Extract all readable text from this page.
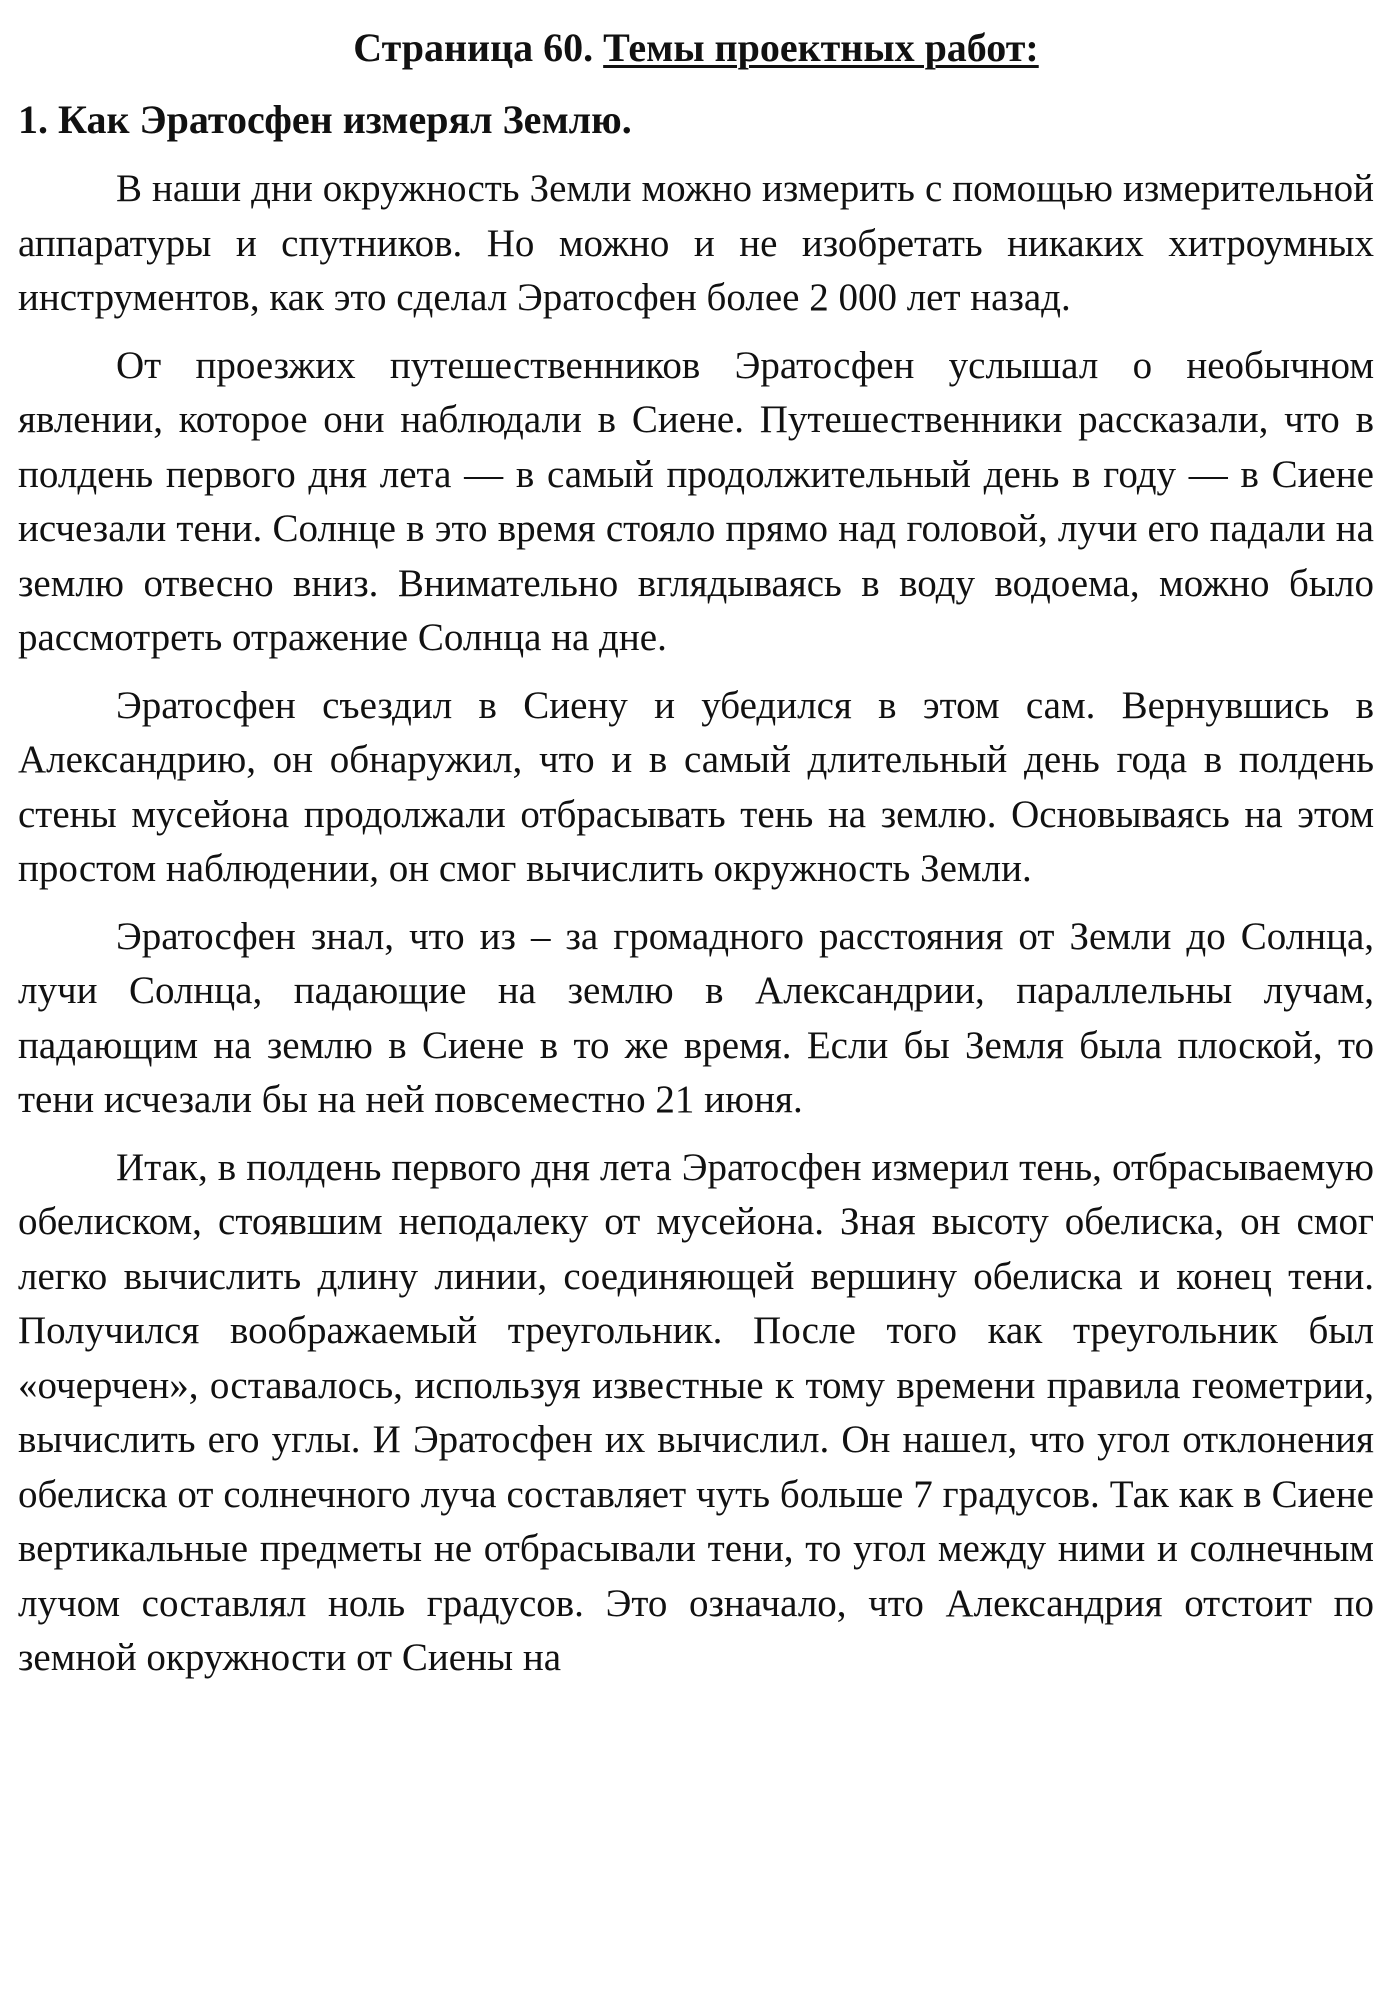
Страница 60. Темы проектных работ:
1. Как Эратосфен измерял Землю.

В наши дни окружность Земли можно измерить с помощью измерительной аппаратуры и спутников. Но можно и не изобретать никаких хитроумных инструментов, как это сделал Эратосфен более 2 000 лет назад.

От проезжих путешественников Эратосфен услышал о необычном явлении, которое они наблюдали в Сиене. Путешественники рассказали, что в полдень первого дня лета — в самый продолжительный день в году — в Сиене исчезали тени. Солнце в это время стояло прямо над головой, лучи его падали на землю отвесно вниз. Внимательно вглядываясь в воду водоема, можно было рассмотреть отражение Солнца на дне.

Эратосфен съездил в Сиену и убедился в этом сам. Вернувшись в Александрию, он обнаружил, что и в самый длительный день года в полдень стены мусейона продолжали отбрасывать тень на землю. Основываясь на этом простом наблюдении, он смог вычислить окружность Земли.

Эратосфен знал, что из – за громадного расстояния от Земли до Солнца, лучи Солнца, падающие на землю в Александрии, параллельны лучам, падающим на землю в Сиене в то же время. Если бы Земля была плоской, то тени исчезали бы на ней повсеместно 21 июня.

Итак, в полдень первого дня лета Эратосфен измерил тень, отбрасываемую обелиском, стоявшим неподалеку от мусейона. Зная высоту обелиска, он смог легко вычислить длину линии, соединяющей вершину обелиска и конец тени. Получился воображаемый треугольник. После того как треугольник был «очерчен», оставалось, используя известные к тому времени правила геометрии, вычислить его углы. И Эратосфен их вычислил. Он нашел, что угол отклонения обелиска от солнечного луча составляет чуть больше 7 градусов. Так как в Сиене вертикальные предметы не отбрасывали тени, то угол между ними и солнечным лучом составлял ноль градусов. Это означало, что Александрия отстоит по земной окружности от Сиены на
